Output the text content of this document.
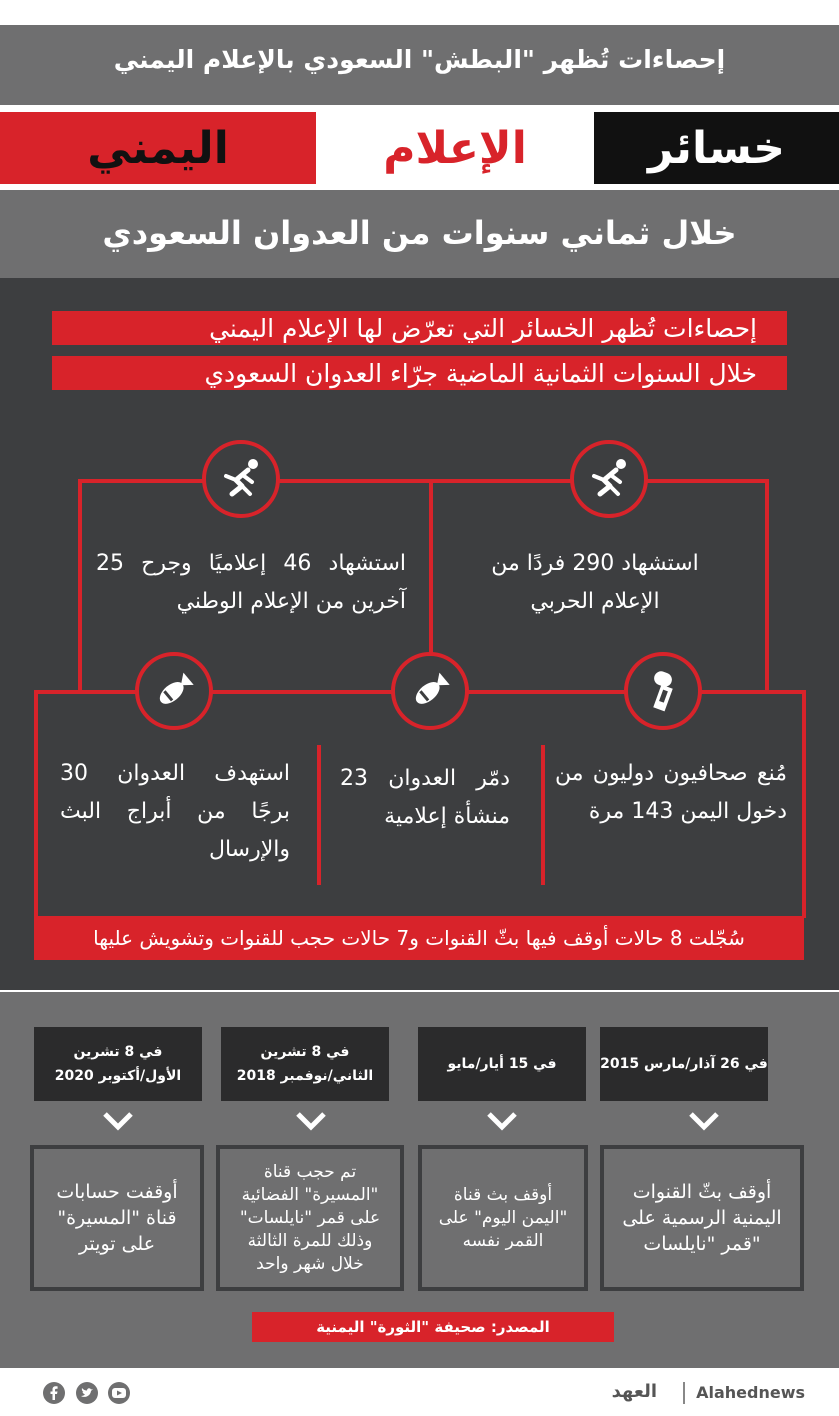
إحصاءات تُظهر "البطش" السعودي بالإعلام اليمني
خسائر
الإعلام
اليمني
خلال ثماني سنوات من العدوان السعودي
إحصاءات تُظهر الخسائر التي تعرّض لها الإعلام اليمني
خلال السنوات الثمانية الماضية جرّاء العدوان السعودي
استشهاد 290 فردًا من الإعلام الحربي
استشهاد 46 إعلاميًا وجرح 25 آخرين من الإعلام الوطني
مُنع صحافيون دوليون من دخول اليمن 143 مرة
دمّر العدوان 23 منشأة إعلامية
استهدف العدوان 30 برجًا من أبراج البث والإرسال
سُجّلت 8 حالات أوقف فيها بثّ القنوات و7 حالات حجب للقنوات وتشويش عليها
في 26 آذار/مارس 2015
في 15 أيار/مايو
في 8 تشرين
الثاني/نوفمبر 2018
في 8 تشرين
الأول/أكتوبر 2020
أوقف بثّ القنوات اليمنية الرسمية على "قمر "نايلسات
أوقف بث قناة "اليمن اليوم" على القمر نفسه
تم حجب قناة "المسيرة" الفضائية على قمر "نايلسات" وذلك للمرة الثالثة خلال شهر واحد
أوقفت حسابات قناة "المسيرة" على تويتر
المصدر: صحيفة "الثورة" اليمنية
Alahednews
العهد
